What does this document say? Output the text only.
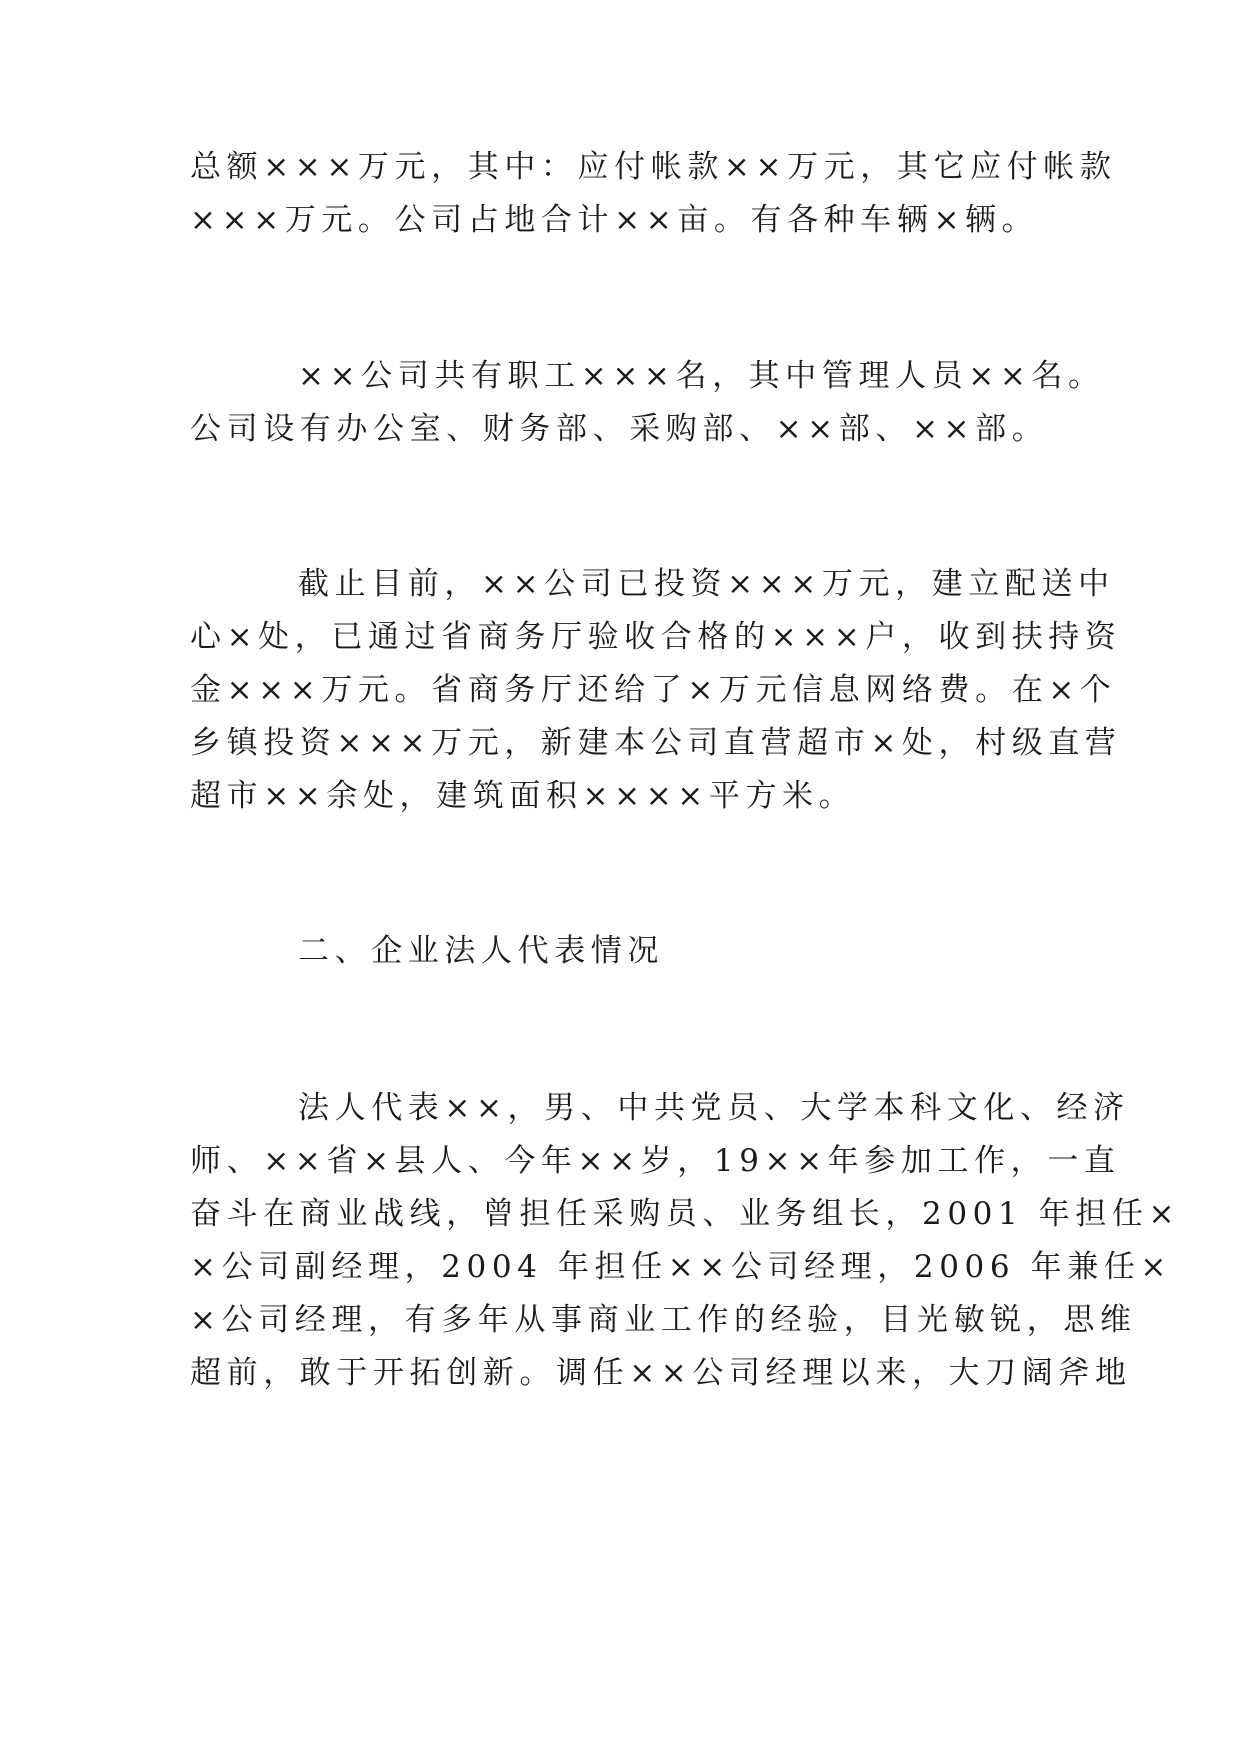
总额×××万元，其中：应付帐款××万元，其它应付帐款
×××万元。公司占地合计××亩。有各种车辆×辆。
××公司共有职工×××名，其中管理人员××名。
公司设有办公室、财务部、采购部、××部、××部。
截止目前，××公司已投资×××万元，建立配送中
心×处，已通过省商务厅验收合格的×××户，收到扶持资
金×××万元。省商务厅还给了×万元信息网络费。在×个
乡镇投资×××万元，新建本公司直营超市×处，村级直营
超市××余处，建筑面积××××平方米。
二、企业法人代表情况
法人代表××，男、中共党员、大学本科文化、经济
师、××省×县人、今年××岁，19××年参加工作，一直
奋斗在商业战线，曾担任采购员、业务组长，2001 年担任×
×公司副经理，2004 年担任××公司经理，2006 年兼任×
×公司经理，有多年从事商业工作的经验，目光敏锐，思维
超前，敢于开拓创新。调任××公司经理以来，大刀阔斧地
